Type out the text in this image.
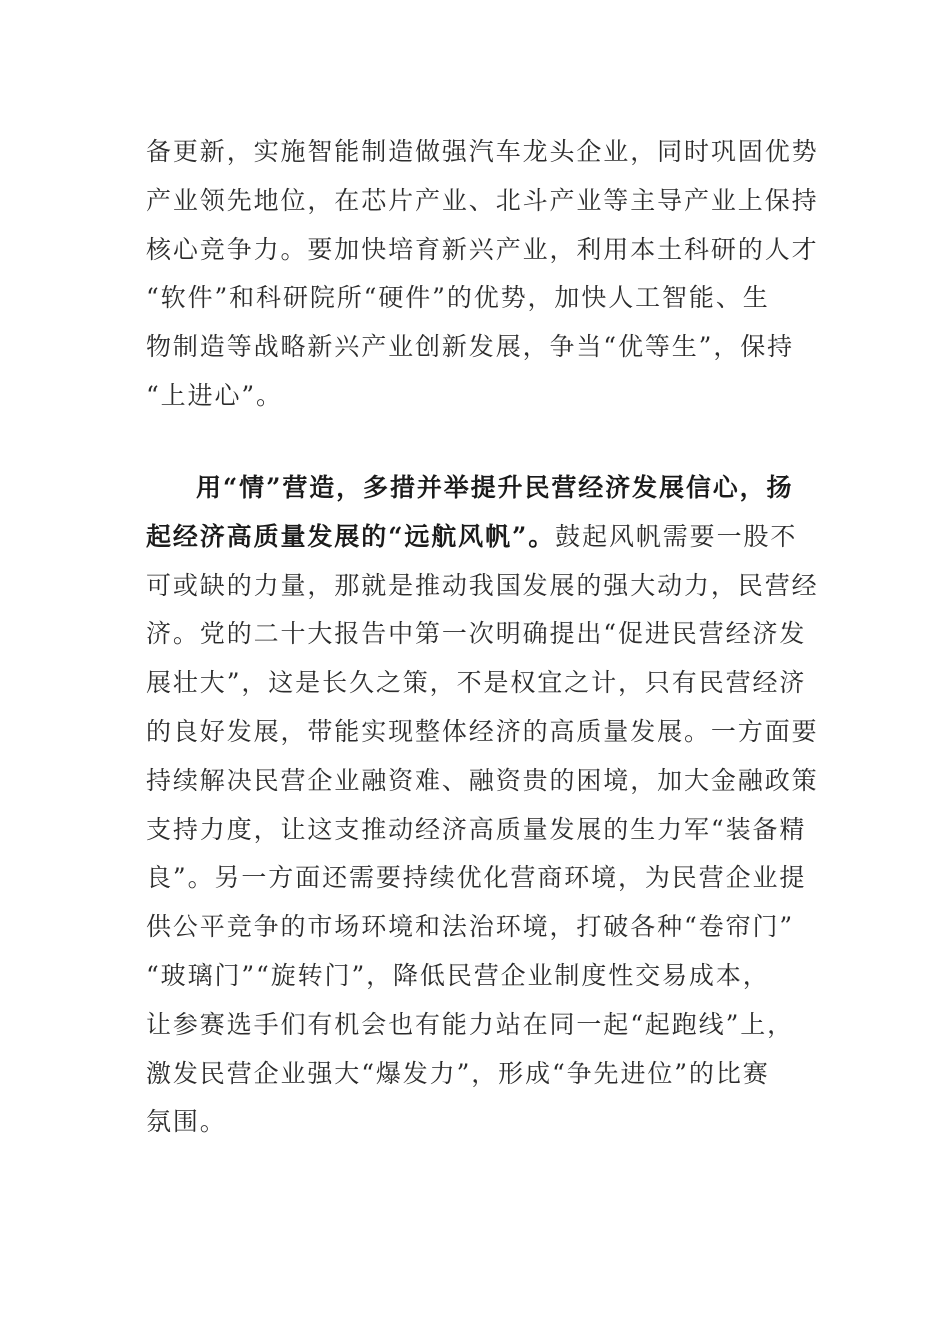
备更新，实施智能制造做强汽车龙头企业，同时巩固优势
产业领先地位，在芯片产业、北斗产业等主导产业上保持
核心竞争力。要加快培育新兴产业，利用本土科研的人才
“软件”和科研院所“硬件”的优势，加快人工智能、生
物制造等战略新兴产业创新发展，争当“优等生”，保持
“上进心”。
用“情”营造，多措并举提升民营经济发展信心，扬
起经济高质量发展的“远航风帆”。鼓起风帆需要一股不
可或缺的力量，那就是推动我国发展的强大动力，民营经
济。党的二十大报告中第一次明确提出“促进民营经济发
展壮大”，这是长久之策，不是权宜之计，只有民营经济
的良好发展，带能实现整体经济的高质量发展。一方面要
持续解决民营企业融资难、融资贵的困境，加大金融政策
支持力度，让这支推动经济高质量发展的生力军“装备精
良”。另一方面还需要持续优化营商环境，为民营企业提
供公平竞争的市场环境和法治环境，打破各种“卷帘门”
“玻璃门”“旋转门”，降低民营企业制度性交易成本，
让参赛选手们有机会也有能力站在同一起“起跑线”上，
激发民营企业强大“爆发力”，形成“争先进位”的比赛
氛围。
